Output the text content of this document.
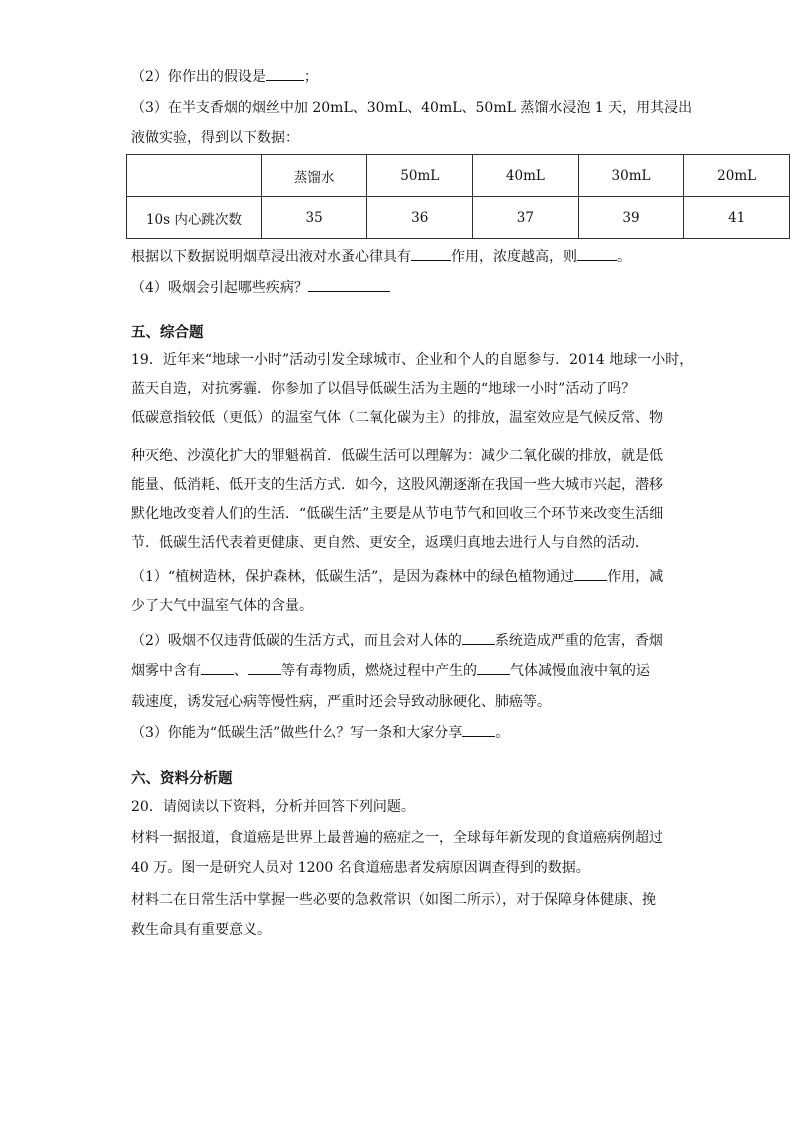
（2）你作出的假设是	；
（3）在半支香烟的烟丝中加 20mL、30mL、40mL、50mL 蒸馏水浸泡 1 天，用其浸出
液做实验，得到以下数据：
	蒸馏水	50mL	40mL	30mL	20mL
10s 内心跳次数	35	36	37	39	41
根据以下数据说明烟草浸出液对水蚤心律具有	作用，浓度越高，则	。
（4）吸烟会引起哪些疾病？
五、综合题
19．近年来“地球一小时”活动引发全球城市、企业和个人的自愿参与．2014 地球一小时，
蓝天自造，对抗雾霾．你参加了以倡导低碳生活为主题的“地球一小时”活动了吗？
低碳意指较低（更低）的温室气体（二氧化碳为主）的排放，温室效应是气候反常、物
种灭绝、沙漠化扩大的罪魁祸首．低碳生活可以理解为：减少二氧化碳的排放，就是低
能量、低消耗、低开支的生活方式．如今，这股风潮逐渐在我国一些大城市兴起，潜移
默化地改变着人们的生活．“低碳生活”主要是从节电节气和回收三个环节来改变生活细
节．低碳生活代表着更健康、更自然、更安全，返璞归真地去进行人与自然的活动．
（1）“植树造林，保护森林，低碳生活”，是因为森林中的绿色植物通过 作用，减
少了大气中温室气体的含量。
（2）吸烟不仅违背低碳的生活方式，而且会对人体的 系统造成严重的危害，香烟
烟雾中含有 、 等有毒物质，燃烧过程中产生的 气体减慢血液中氧的运
载速度，诱发冠心病等慢性病，严重时还会导致动脉硬化、肺癌等。
（3）你能为“低碳生活”做些什么？写一条和大家分享 。
六、资料分析题
20．请阅读以下资料，分析并回答下列问题。
材料一据报道，食道癌是世界上最普遍的癌症之一，全球每年新发现的食道癌病例超过
40 万。图一是研究人员对 1200 名食道癌患者发病原因调查得到的数据。
材料二在日常生活中掌握一些必要的急救常识（如图二所示），对于保障身体健康、挽
救生命具有重要意义。
